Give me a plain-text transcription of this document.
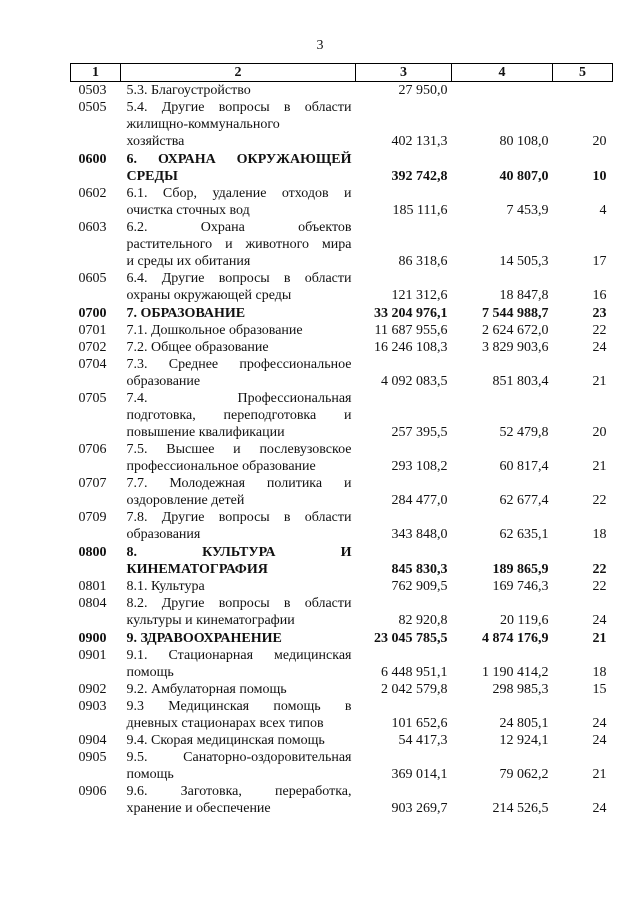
3
1	2	3	4	5
0503	5.3. Благоустройство	27 950,0		
0505	5.4. Другие вопросы в области
жилищно-коммунального
хозяйства	402 131,3	80 108,0	20
0600	6. ОХРАНА ОКРУЖАЮЩЕЙ
СРЕДЫ	392 742,8	40 807,0	10
0602	6.1. Сбор, удаление отходов и
очистка сточных вод	185 111,6	7 453,9	4
0603	6.2. Охрана объектов
растительного и животного мира
и среды их обитания	86 318,6	14 505,3	17
0605	6.4. Другие вопросы в области
охраны окружающей среды	121 312,6	18 847,8	16
0700	7. ОБРАЗОВАНИЕ	33 204 976,1	7 544 988,7	23
0701	7.1. Дошкольное образование	11 687 955,6	2 624 672,0	22
0702	7.2. Общее образование	16 246 108,3	3 829 903,6	24
0704	7.3. Среднее профессиональное
образование	4 092 083,5	851 803,4	21
0705	7.4. Профессиональная
подготовка, переподготовка и
повышение квалификации	257 395,5	52 479,8	20
0706	7.5. Высшее и послевузовское
профессиональное образование	293 108,2	60 817,4	21
0707	7.7. Молодежная политика и
оздоровление детей	284 477,0	62 677,4	22
0709	7.8. Другие вопросы в области
образования	343 848,0	62 635,1	18
0800	8. КУЛЬТУРА И
КИНЕМАТОГРАФИЯ	845 830,3	189 865,9	22
0801	8.1. Культура	762 909,5	169 746,3	22
0804	8.2. Другие вопросы в области
культуры и кинематографии	82 920,8	20 119,6	24
0900	9. ЗДРАВООХРАНЕНИЕ	23 045 785,5	4 874 176,9	21
0901	9.1. Стационарная медицинская
помощь	6 448 951,1	1 190 414,2	18
0902	9.2. Амбулаторная помощь	2 042 579,8	298 985,3	15
0903	9.3 Медицинская помощь в
дневных стационарах всех типов	101 652,6	24 805,1	24
0904	9.4. Скорая медицинская помощь	54 417,3	12 924,1	24
0905	9.5. Санаторно-оздоровительная
помощь	369 014,1	79 062,2	21
0906	9.6. Заготовка, переработка,
хранение и обеспечение	903 269,7	214 526,5	24
